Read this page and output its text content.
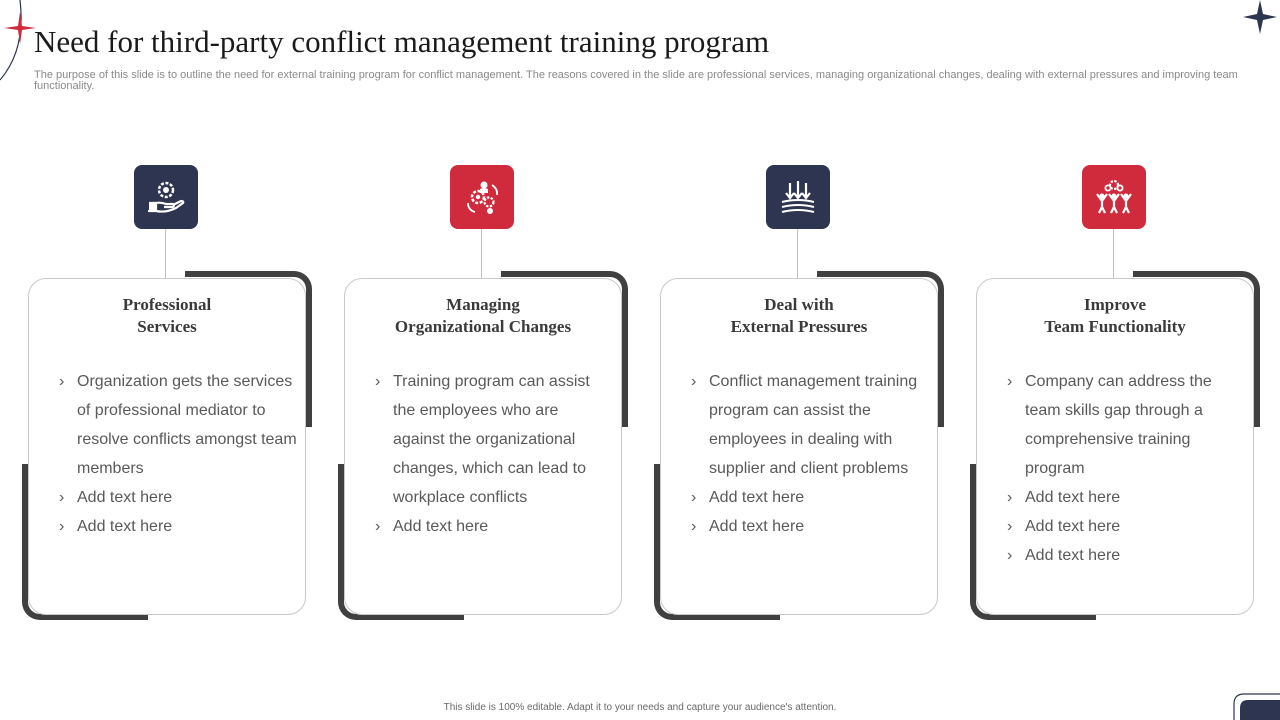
Need for third-party conflict management training program
The purpose of this slide is to outline the need for external training program for conflict management. The reasons covered in the slide are professional services, managing organizational changes, dealing with external pressures and improving team functionality.
Professional
Services
› Organization gets the services of professional mediator to resolve conflicts amongst team members
› Add text here
› Add text here
Managing
Organizational Changes
› Training program can assist the employees who are against the organizational changes, which can lead to workplace conflicts
› Add text here
Deal with
External Pressures
› Conflict management training program can assist the employees in dealing with supplier and client problems
› Add text here
› Add text here
Improve
Team Functionality
› Company can address the team skills gap through a comprehensive training program
› Add text here
› Add text here
› Add text here
This slide is 100% editable. Adapt it to your needs and capture your audience's attention.
